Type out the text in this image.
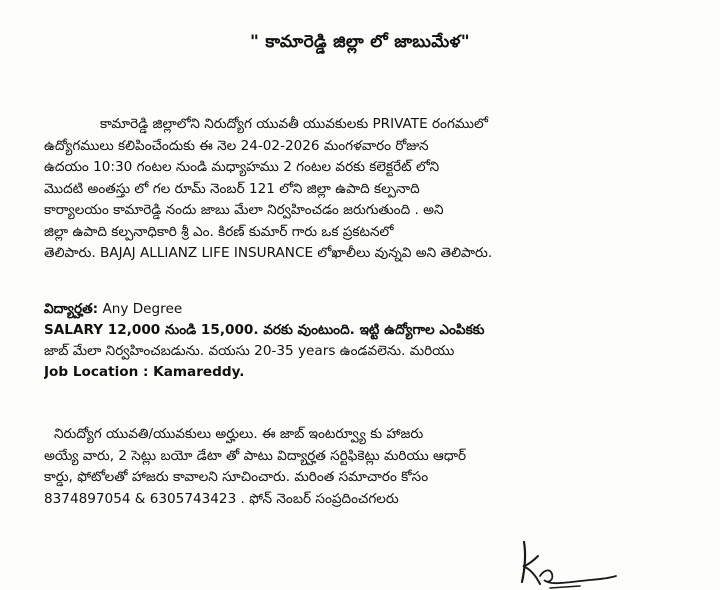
" కామారెడ్డి జిల్లా లో జాబుమేళ"
కామారెడ్డి జిల్లాలోని నిరుద్యోగ యువతీ యువకులకు PRIVATE రంగములో
ఉద్యోగములు కలిపించేందుకు ఈ నెల 24-02-2026 మంగళవారం రోజున
ఉదయం 10:30 గంటల నుండి మధ్యాహము 2 గంటల వరకు కలెక్టరేట్ లోని
మొదటి అంతస్తు లో గల రూమ్ నెంబర్ 121 లోని జిల్లా ఉపాది కల్పనాది
కార్యాలయం కామారెడ్డి నందు జాబు మేలా నిర్వహించడం జరుగుతుంది . అని
జిల్లా ఉపాది కల్పనాధికారి శ్రీ ఎం. కిరణ్ కుమార్ గారు ఒక ప్రకటనలో
తెలిపారు. BAJAJ ALLIANZ LIFE INSURANCE లోఖాలీలు వున్నవి అని తెలిపారు.
విద్యార్హత: Any Degree
SALARY 12,000 నుండి 15,000. వరకు వుంటుంది. ఇట్టి ఉద్యోగాల ఎంపికకు
జాబ్ మేలా నిర్వహించబడును. వయసు 20-35 years ఉండవలెను. మరియు
Job Location : Kamareddy.
నిరుద్యోగ యువతి/యువకులు అర్హులు. ఈ జాబ్ ఇంటర్వ్యూ కు హాజరు
అయ్యే వారు, 2 సెట్లు బయో డేటా తో పాటు విద్యార్హత సర్టిఫికెట్లు మరియు ఆధార్
కార్డు, ఫోటోలతో హాజరు కావాలని సూచించారు. మరింత సమాచారం కోసం
8374897054 & 6305743423 . ఫోన్ నెంబర్ సంప్రదించగలరు
